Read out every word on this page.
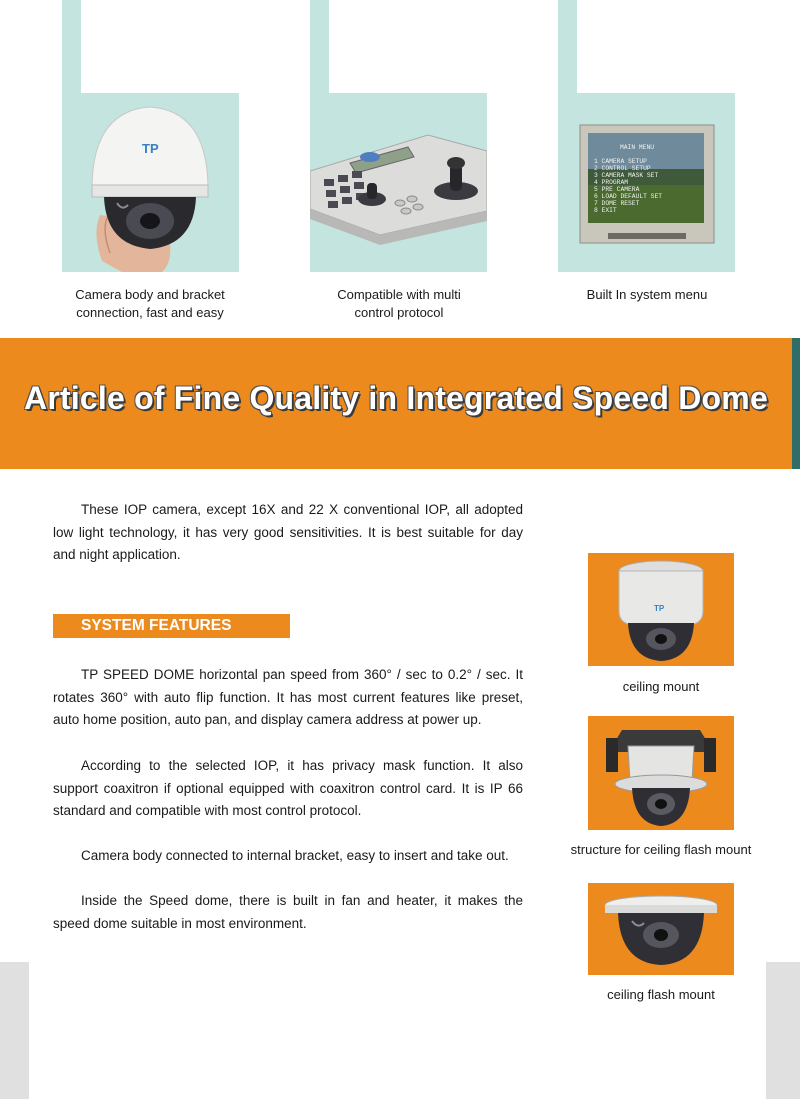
TP
Camera body and bracket
connection, fast and easy
Compatible with multi
control protocol
MAIN MENU
1 CAMERA SETUP
2 CONTROL SETUP
3 CAMERA MASK SET
4 PROGRAM
5 PRE CAMERA
6 LOAD DEFAULT SET
7 DOME RESET
8 EXIT
Built In system menu
Article of Fine Quality in Integrated Speed Dome

These IOP camera, except 16X and 22 X conventional IOP, all adopted low light technology, it has very good sensitivities. It is best suitable for day and night application.

SYSTEM FEATURES

TP SPEED DOME horizontal pan speed from 360° / sec to 0.2° / sec. It rotates 360° with auto flip function. It has most current features like preset, auto home position, auto pan, and display camera address at power up.

According to the selected IOP, it has privacy mask function. It also support coaxitron if optional equipped with coaxitron control card. It is IP 66 standard and compatible with most control protocol.

Camera body connected to internal bracket, easy to insert and take out.

Inside the Speed dome, there is built in fan and heater, it makes the speed dome suitable in most environment.

TP
ceiling mount
structure for ceiling flash mount
ceiling flash mount
